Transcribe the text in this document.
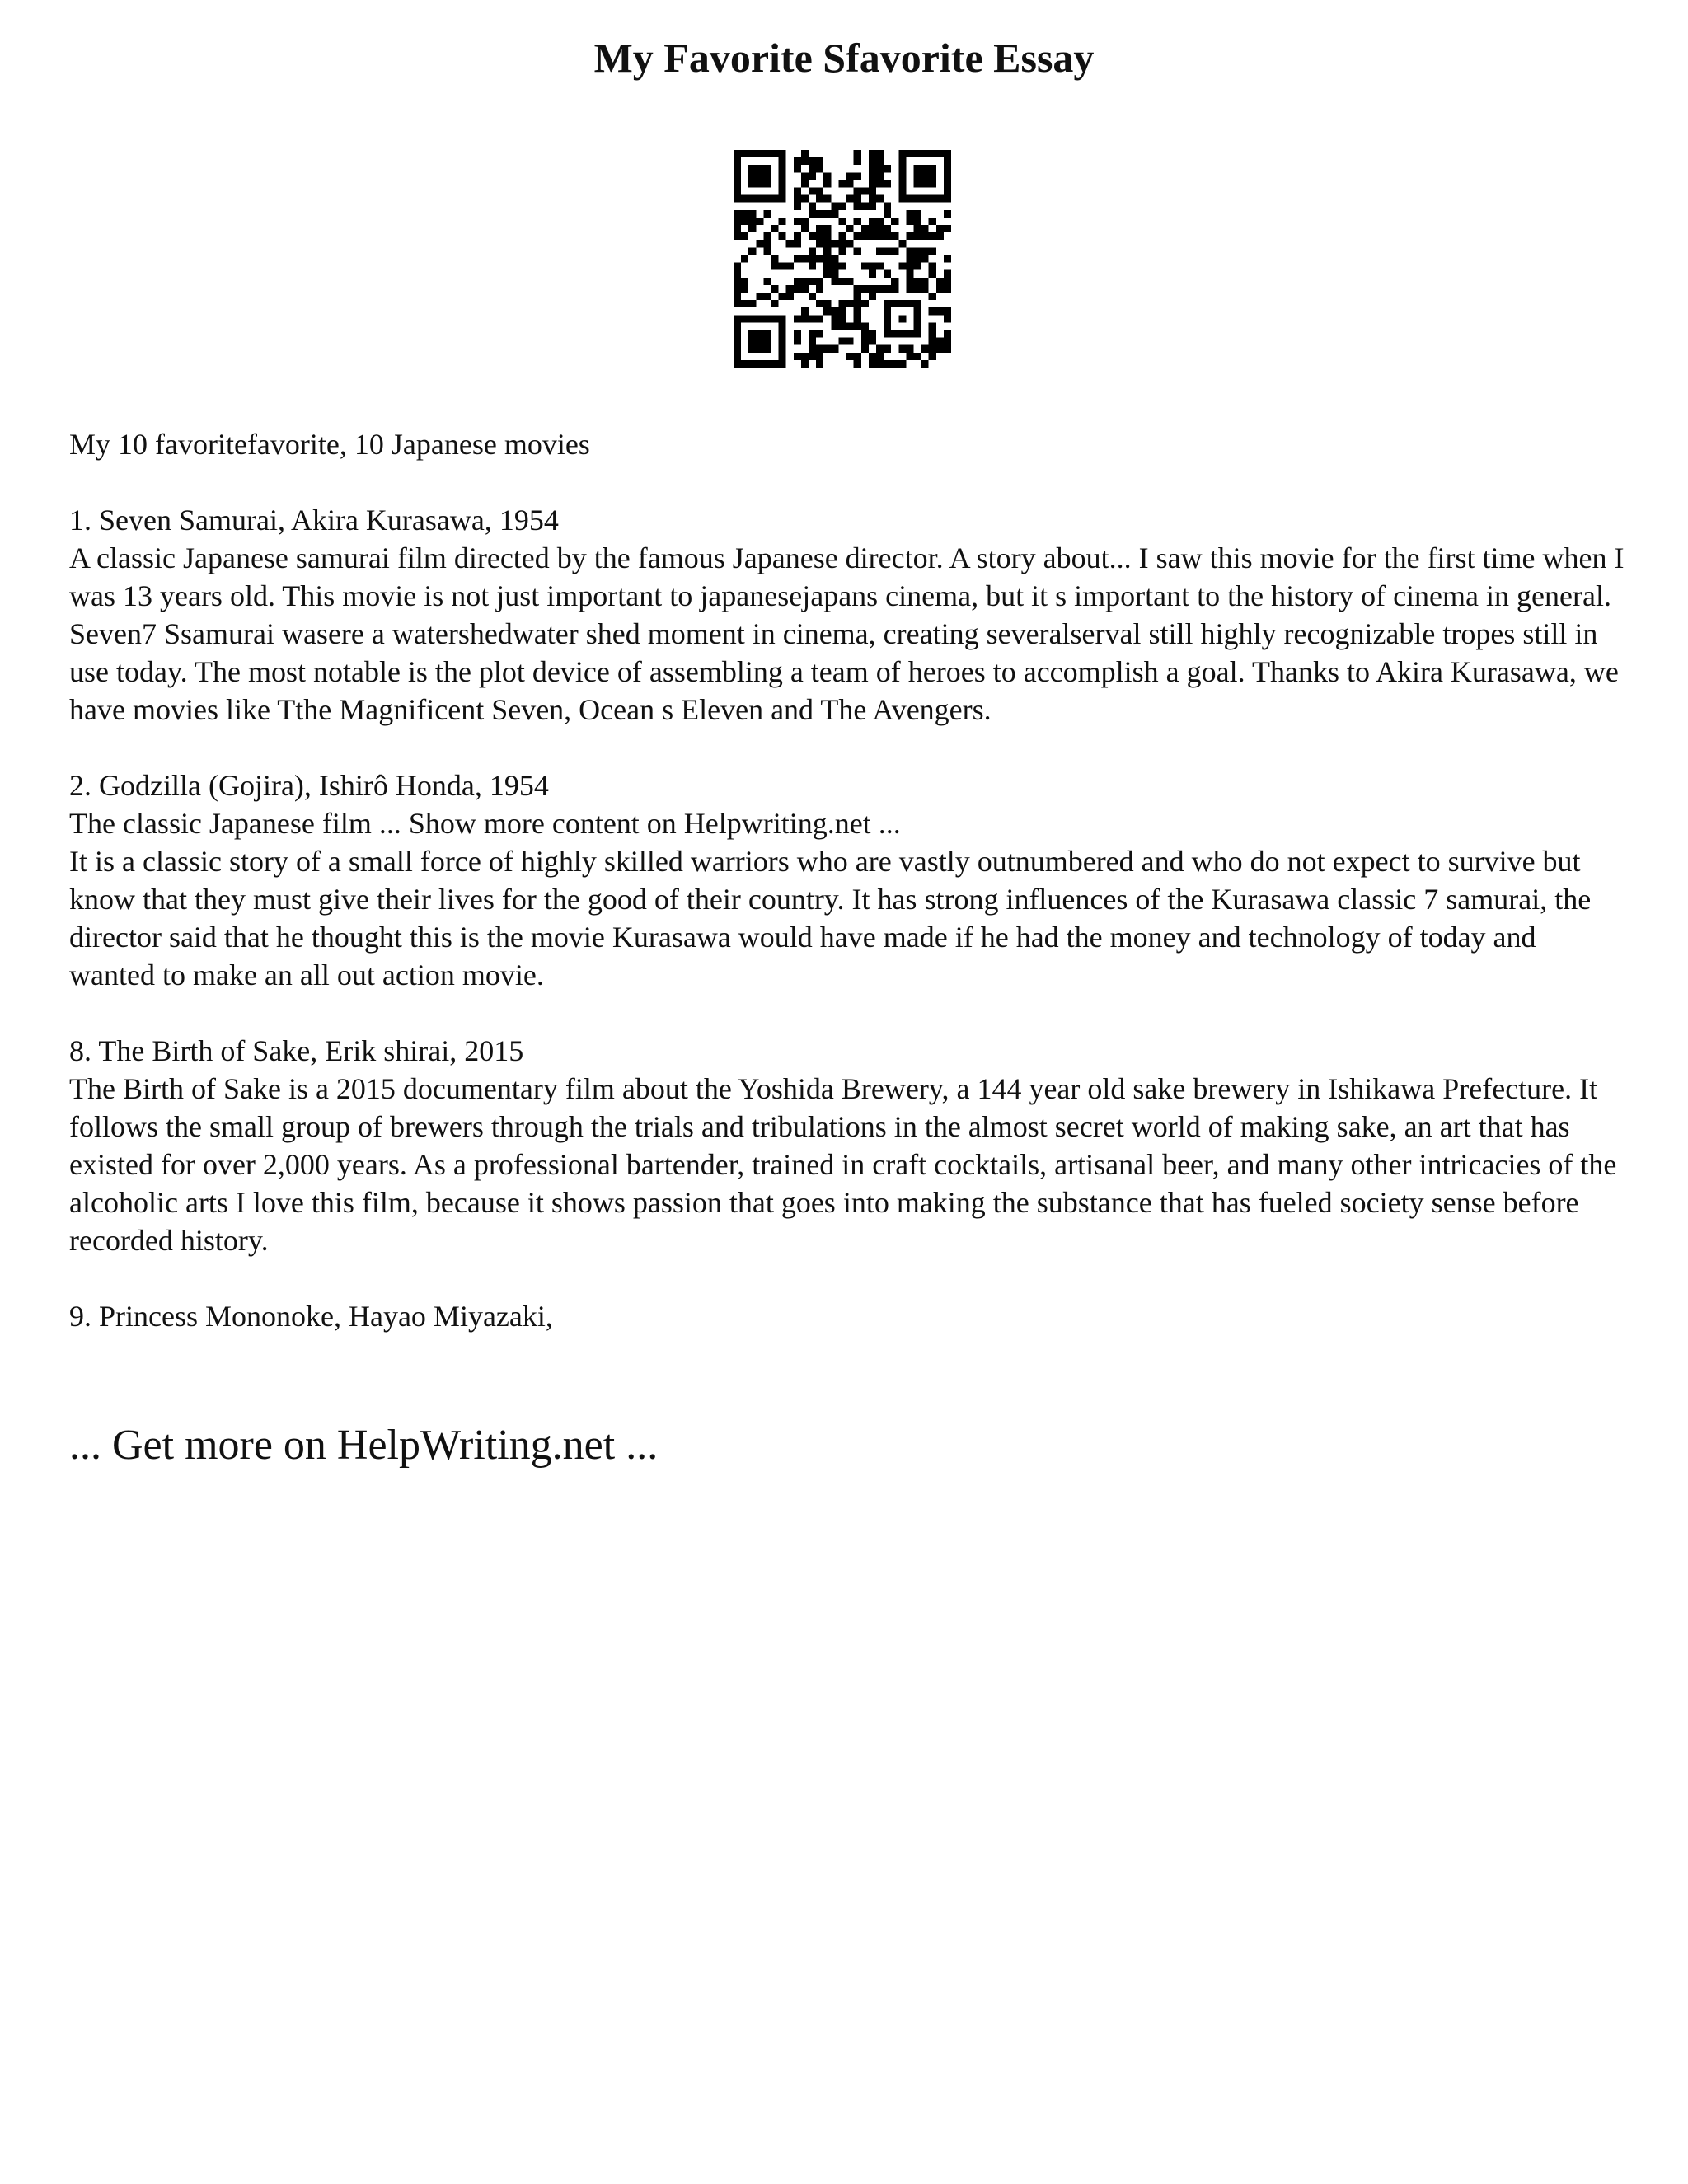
My Favorite Sfavorite Essay

My 10 favoritefavorite, 10 Japanese movies

1. Seven Samurai, Akira Kurasawa, 1954

A classic Japanese samurai film directed by the famous Japanese director. A story about... I saw this movie for the first time when I was 13 years old. This movie is not just important to japanesejapans cinema, but it s important to the history of cinema in general. Seven7 Ssamurai wasere a watershedwater shed moment in cinema, creating severalserval still highly recognizable tropes still in use today. The most notable is the plot device of assembling a team of heroes to accomplish a goal. Thanks to Akira Kurasawa, we have movies like Tthe Magnificent Seven, Ocean s Eleven and The Avengers.

2. Godzilla (Gojira), Ishirô Honda, 1954

The classic Japanese film ... Show more content on Helpwriting.net ...

It is a classic story of a small force of highly skilled warriors who are vastly outnumbered and who do not expect to survive but know that they must give their lives for the good of their country. It has strong influences of the Kurasawa classic 7 samurai, the director said that he thought this is the movie Kurasawa would have made if he had the money and technology of today and wanted to make an all out action movie.

8. The Birth of Sake, Erik shirai, 2015

The Birth of Sake is a 2015 documentary film about the Yoshida Brewery, a 144 year old sake brewery in Ishikawa Prefecture. It follows the small group of brewers through the trials and tribulations in the almost secret world of making sake, an art that has existed for over 2,000 years. As a professional bartender, trained in craft cocktails, artisanal beer, and many other intricacies of the alcoholic arts I love this film, because it shows passion that goes into making the substance that has fueled society sense before recorded history.

9. Princess Mononoke, Hayao Miyazaki,

... Get more on HelpWriting.net ...
